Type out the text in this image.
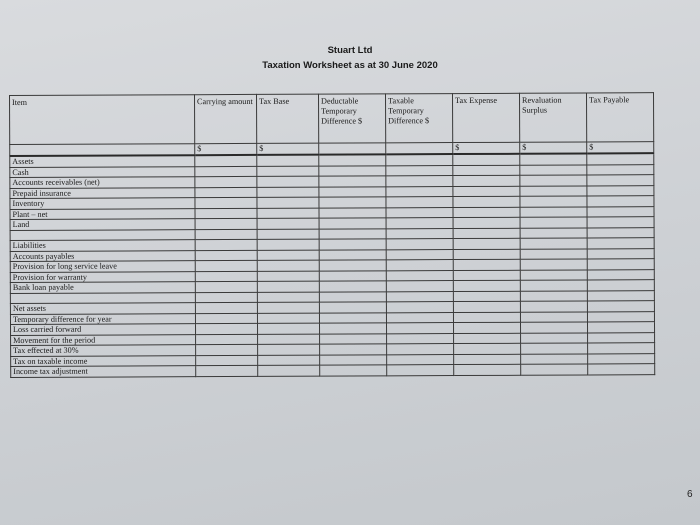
Stuart Ltd
Taxation Worksheet as at 30 June 2020
Item	Carrying amount	Tax Base	Deductable Temporary Difference $	Taxable Temporary Difference $	Tax Expense	Revaluation Surplus	Tax Payable

	$	$			$	$	$
Assets							
Cash							
Accounts receivables (net)							
Prepaid insurance							
Inventory							
Plant – net							
Land							

Liabilities							
Accounts payables							
Provision for long service leave							
Provision for warranty							
Bank loan payable							

Net assets							
Temporary difference for year							
Loss carried forward							
Movement for the period							
Tax effected at 30%							
Tax on taxable income							
Income tax adjustment							
6
